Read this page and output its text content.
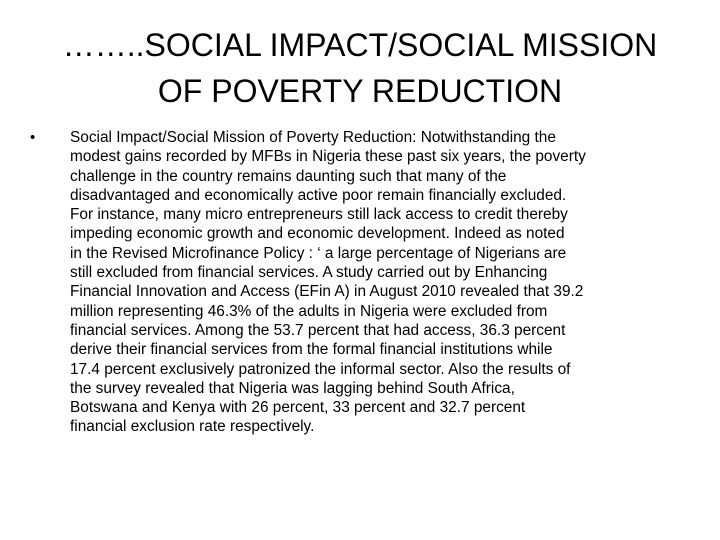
……..SOCIAL IMPACT/SOCIAL MISSION
OF POVERTY REDUCTION
•	Social Impact/Social Mission of Poverty Reduction: Notwithstanding the
modest gains recorded by MFBs in Nigeria these past six years, the poverty
challenge in the country remains daunting such that many of the
disadvantaged and economically active poor remain financially excluded.
For instance, many micro entrepreneurs still lack access to credit thereby
impeding economic growth and economic development. Indeed as noted
in the Revised Microfinance Policy : ‘ a large percentage of Nigerians are
still excluded from financial services. A study carried out by Enhancing
Financial Innovation and Access (EFin A) in August 2010 revealed that 39.2
million representing 46.3% of the adults in Nigeria were excluded from
financial services. Among the 53.7 percent that had access, 36.3 percent
derive their financial services from the formal financial institutions while
17.4 percent exclusively patronized the informal sector. Also the results of
the survey revealed that Nigeria was lagging behind South Africa,
Botswana and Kenya with 26 percent, 33 percent and 32.7 percent
financial exclusion rate respectively.
